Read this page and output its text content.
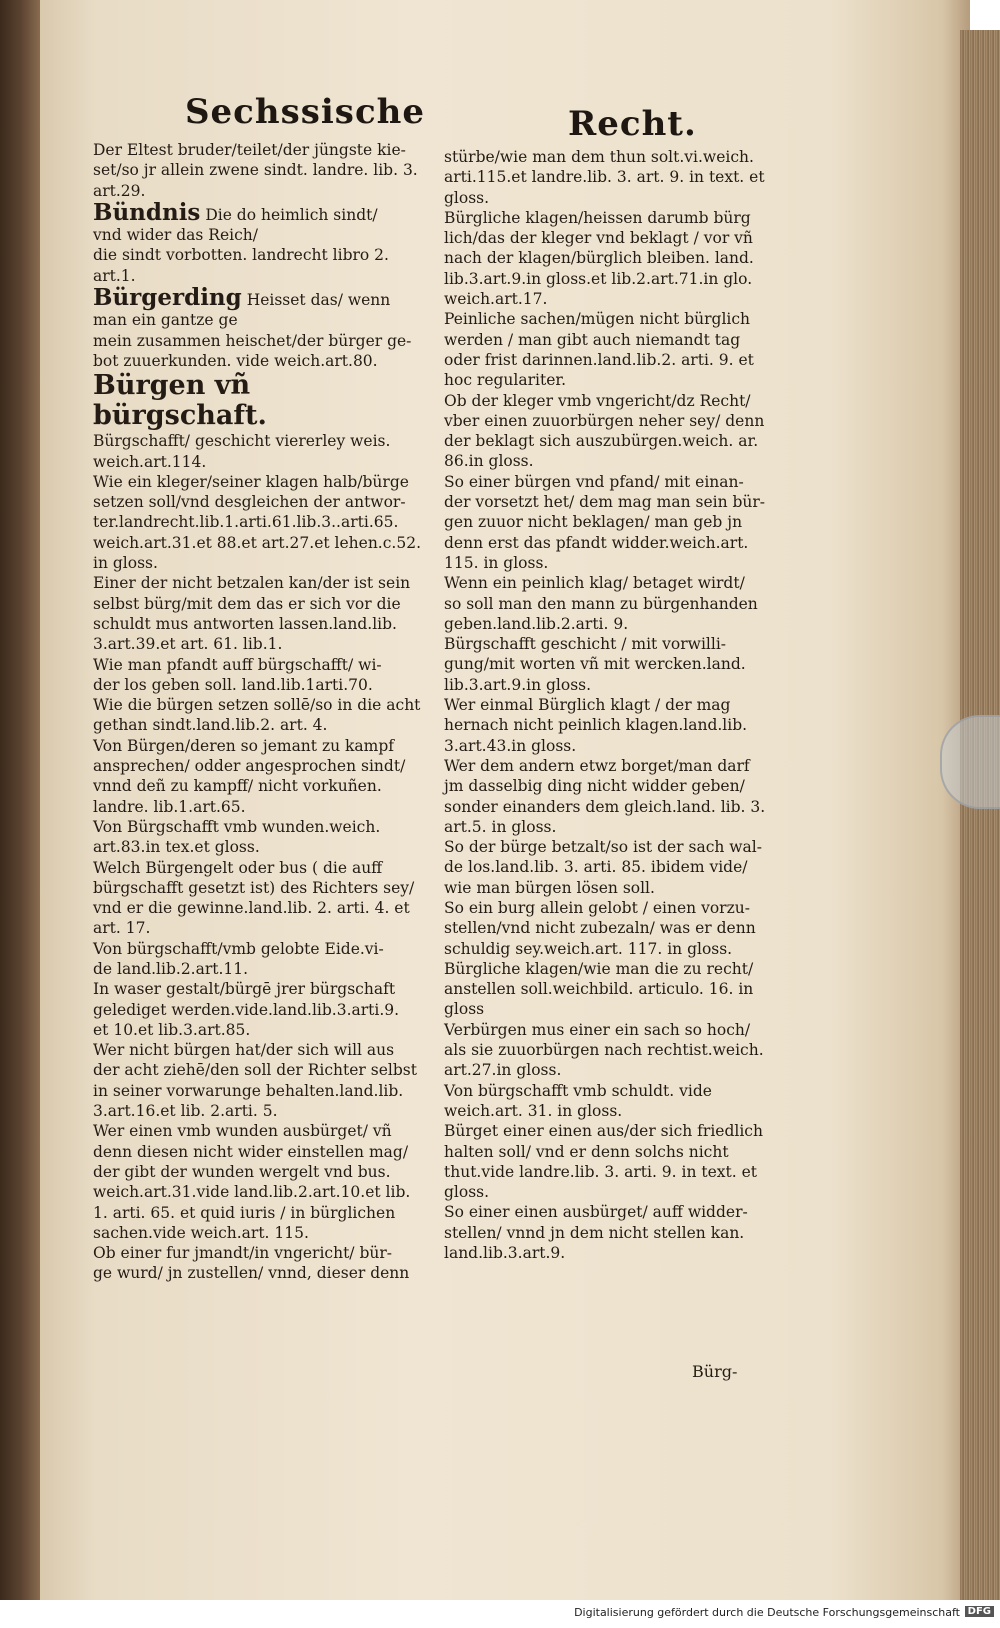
Sechssische	Recht.

Der Eltest bruder/teilet/der jüngste kie-
set/so jr allein zwene sindt. landre. lib. 3.
art.29.

Bündnis Die do heimlich sindt/
vnd wider das Reich/
die sindt vorbotten. landrecht libro 2.
art.1.

Bürgerding Heisset das/ wenn
man ein gantze ge
mein zusammen heischet/der bürger ge-
bot zuuerkunden. vide weich.art.80.

Bürgen vñ bürgschaft.

Bürgschafft/ geschicht viererley weis.
weich.art.114.

Wie ein kleger/seiner klagen halb/bürge
setzen soll/vnd desgleichen der antwor-
ter.landrecht.lib.1.arti.61.lib.3..arti.65.
weich.art.31.et 88.et art.27.et lehen.c.52.
in gloss.

Einer der nicht betzalen kan/der ist sein
selbst bürg/mit dem das er sich vor die
schuldt mus antworten lassen.land.lib.
3.art.39.et art. 61. lib.1.

Wie man pfandt auff bürgschafft/ wi-
der los geben soll. land.lib.1arti.70.

Wie die bürgen setzen sollē/so in die acht
gethan sindt.land.lib.2. art. 4.

Von Bürgen/deren so jemant zu kampf
ansprechen/ odder angesprochen sindt/
vnnd deñ zu kampff/ nicht vorkuñen.
landre. lib.1.art.65.

Von Bürgschafft vmb wunden.weich.
art.83.in tex.et gloss.

Welch Bürgengelt oder bus ( die auff
bürgschafft gesetzt ist) des Richters sey/
vnd er die gewinne.land.lib. 2. arti. 4. et
art. 17.

Von bürgschafft/vmb gelobte Eide.vi-
de land.lib.2.art.11.

In waser gestalt/bürgē jrer bürgschaft
gelediget werden.vide.land.lib.3.arti.9.
et 10.et lib.3.art.85.

Wer nicht bürgen hat/der sich will aus
der acht ziehē/den soll der Richter selbst
in seiner vorwarunge behalten.land.lib.
3.art.16.et lib. 2.arti. 5.

Wer einen vmb wunden ausbürget/ vñ
denn diesen nicht wider einstellen mag/
der gibt der wunden wergelt vnd bus.
weich.art.31.vide land.lib.2.art.10.et lib.
1. arti. 65. et quid iuris / in bürglichen
sachen.vide weich.art. 115.

Ob einer fur jmandt/in vngericht/ bür-
ge wurd/ jn zustellen/ vnnd, dieser denn

stürbe/wie man dem thun solt.vi.weich.
arti.115.et landre.lib. 3. art. 9. in text. et
gloss.

Bürgliche klagen/heissen darumb bürg
lich/das der kleger vnd beklagt / vor vñ
nach der klagen/bürglich bleiben. land.
lib.3.art.9.in gloss.et lib.2.art.71.in glo.
weich.art.17.

Peinliche sachen/mügen nicht bürglich
werden / man gibt auch niemandt tag
oder frist darinnen.land.lib.2. arti. 9. et
hoc regulariter.

Ob der kleger vmb vngericht/dz Recht/
vber einen zuuorbürgen neher sey/ denn
der beklagt sich auszubürgen.weich. ar.
86.in gloss.

So einer bürgen vnd pfand/ mit einan-
der vorsetzt het/ dem mag man sein bür-
gen zuuor nicht beklagen/ man geb jn
denn erst das pfandt widder.weich.art.
115. in gloss.

Wenn ein peinlich klag/ betaget wirdt/
so soll man den mann zu bürgenhanden
geben.land.lib.2.arti. 9.

Bürgschafft geschicht / mit vorwilli-
gung/mit worten vñ mit wercken.land.
lib.3.art.9.in gloss.

Wer einmal Bürglich klagt / der mag
hernach nicht peinlich klagen.land.lib.
3.art.43.in gloss.

Wer dem andern etwz borget/man darf
jm dasselbig ding nicht widder geben/
sonder einanders dem gleich.land. lib. 3.
art.5. in gloss.

So der bürge betzalt/so ist der sach wal-
de los.land.lib. 3. arti. 85. ibidem vide/
wie man bürgen lösen soll.

So ein burg allein gelobt / einen vorzu-
stellen/vnd nicht zubezaln/ was er denn
schuldig sey.weich.art. 117. in gloss.

Bürgliche klagen/wie man die zu recht/
anstellen soll.weichbild. articulo. 16. in
gloss

Verbürgen mus einer ein sach so hoch/
als sie zuuorbürgen nach rechtist.weich.
art.27.in gloss.

Von bürgschafft vmb schuldt. vide
weich.art. 31. in gloss.

Bürget einer einen aus/der sich friedlich
halten soll/ vnd er denn solchs nicht
thut.vide landre.lib. 3. arti. 9. in text. et
gloss.

So einer einen ausbürget/ auff widder-
stellen/ vnnd jn dem nicht stellen kan.
land.lib.3.art.9.

Bürg-
Digitalisierung gefördert durch die Deutsche Forschungsgemeinschaft DFG
